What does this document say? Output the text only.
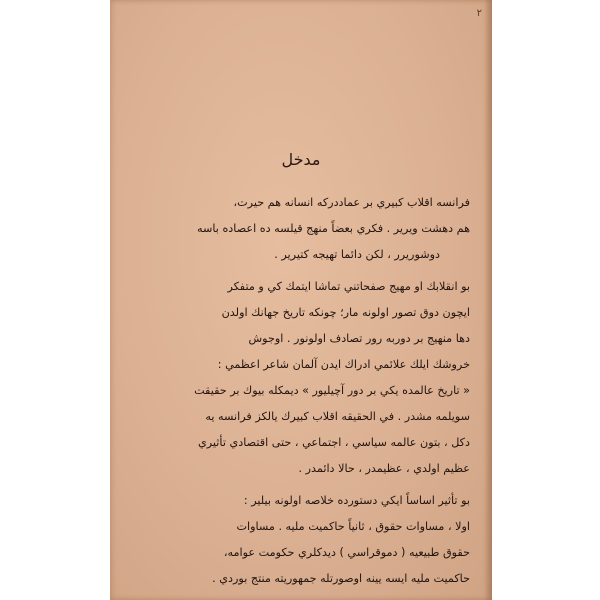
٢
مدخل
فرانسه اقلاب كبيري بر عماددركه انسانه هم حيرت،
هم دهشت ويرير . فكري بعضاً منهج قيلسه ده اعصاده باسه
دوشوريرر ، لكن دائما تهيجه كتيرير .
بو انقلابك او مهيج صفحاتني تماشا ايتمك كي و متفكر
ايچون دوق تصور اولونه مار؛ چونكه تاريخ جهانك اولدن
دها منهيج بر دوربه رور تصادف اولونور . اوجوش
خروشك ايلك علائمي ادراك ايدن آلمان شاعر اعظمي :
« تاريخ عالمده يكي بر دور آچيليور » ديمكله بيوك بر حقيقت
سويلمه مشدر . في الحقيقه اقلاب كبيرك يالكز فرانسه يه
دكل ، بتون عالمه سياسي ، اجتماعي ، حتى اقتصادي تأثيري
عظيم اولدي ، عظيمدر ، حالا دائمدر .
بو تأثير اساساً ايكي دستورده خلاصه اولونه بيلير :
اولا ، مساوات حقوق ، ثانياً حاكميت مليه . مساوات
حقوق طبيعيه ( دموقراسي ) ديدكلري حكومت عوامه،
حاكميت مليه ايسه يينه اوصورتله جمهوريته منتج بوردي .
